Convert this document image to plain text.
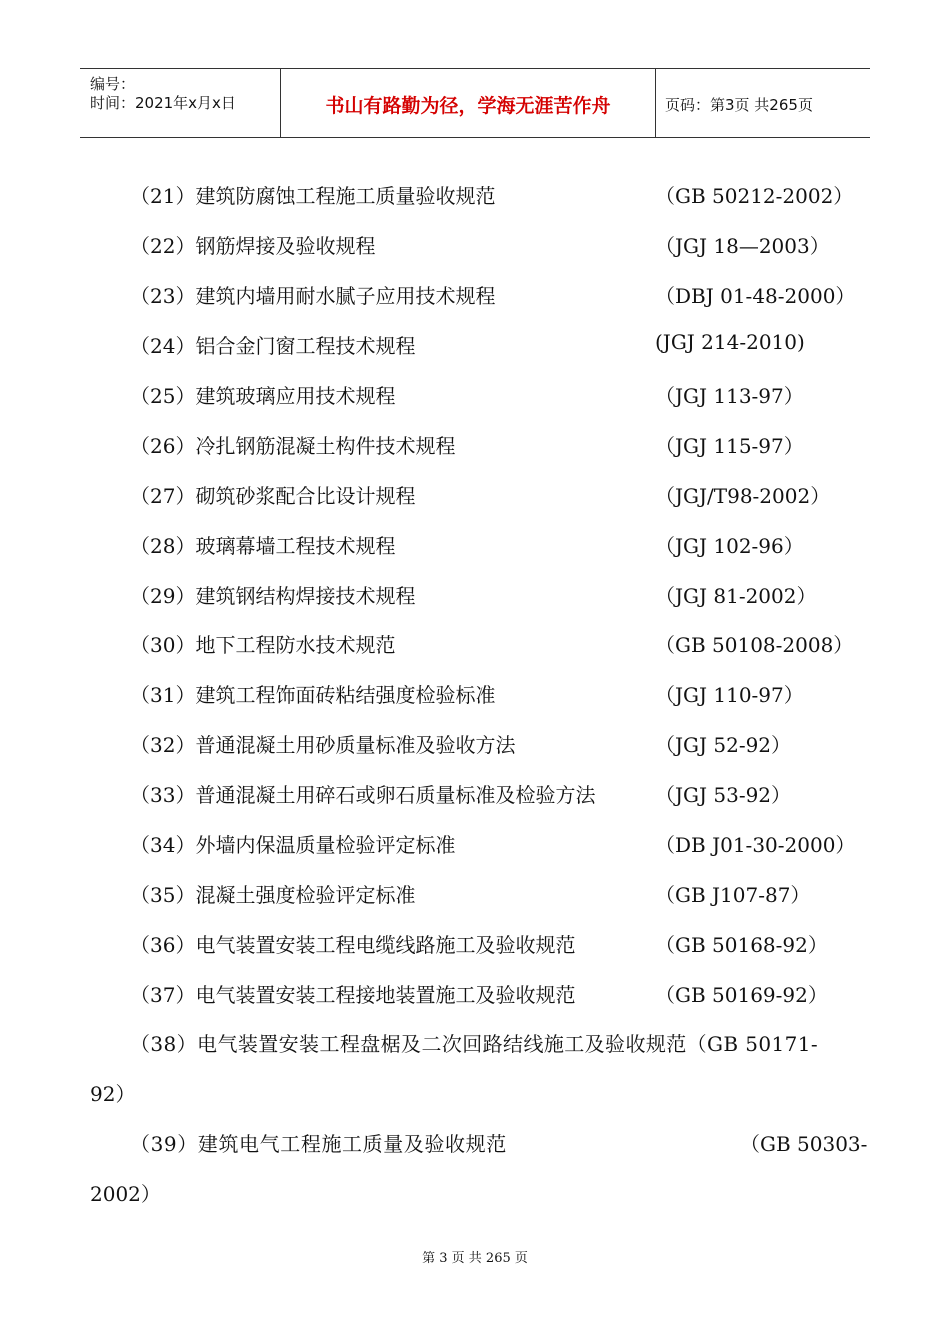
编号：
时间：2021年x月x日	书山有路勤为径，学海无涯苦作舟	页码：第3页 共265页
（21）建筑防腐蚀工程施工质量验收规范	（GB 50212-2002）
（22）钢筋焊接及验收规程	（JGJ 18—2003）
（23）建筑内墙用耐水腻子应用技术规程	（DBJ 01-48-2000）
（24）铝合金门窗工程技术规程	(JGJ 214-2010)
（25）建筑玻璃应用技术规程	（JGJ 113-97）
（26）冷扎钢筋混凝土构件技术规程	（JGJ 115-97）
（27）砌筑砂浆配合比设计规程	（JGJ/T98-2002）
（28）玻璃幕墙工程技术规程	（JGJ 102-96）
（29）建筑钢结构焊接技术规程	（JGJ 81-2002）
（30）地下工程防水技术规范	（GB 50108-2008）
（31）建筑工程饰面砖粘结强度检验标准	（JGJ 110-97）
（32）普通混凝土用砂质量标准及验收方法	（JGJ 52-92）
（33）普通混凝土用碎石或卵石质量标准及检验方法	（JGJ 53-92）
（34）外墙内保温质量检验评定标准	（DB J01-30-2000）
（35）混凝土强度检验评定标准	（GB J107-87）
（36）电气装置安装工程电缆线路施工及验收规范	（GB 50168-92）
（37）电气装置安装工程接地装置施工及验收规范	（GB 50169-92）
（38）电气装置安装工程盘椐及二次回路结线施工及验收规范（GB 50171-
92）
（39）建筑电气工程施工质量及验收规范	（GB 50303-
2002）
第 3 页 共 265 页
